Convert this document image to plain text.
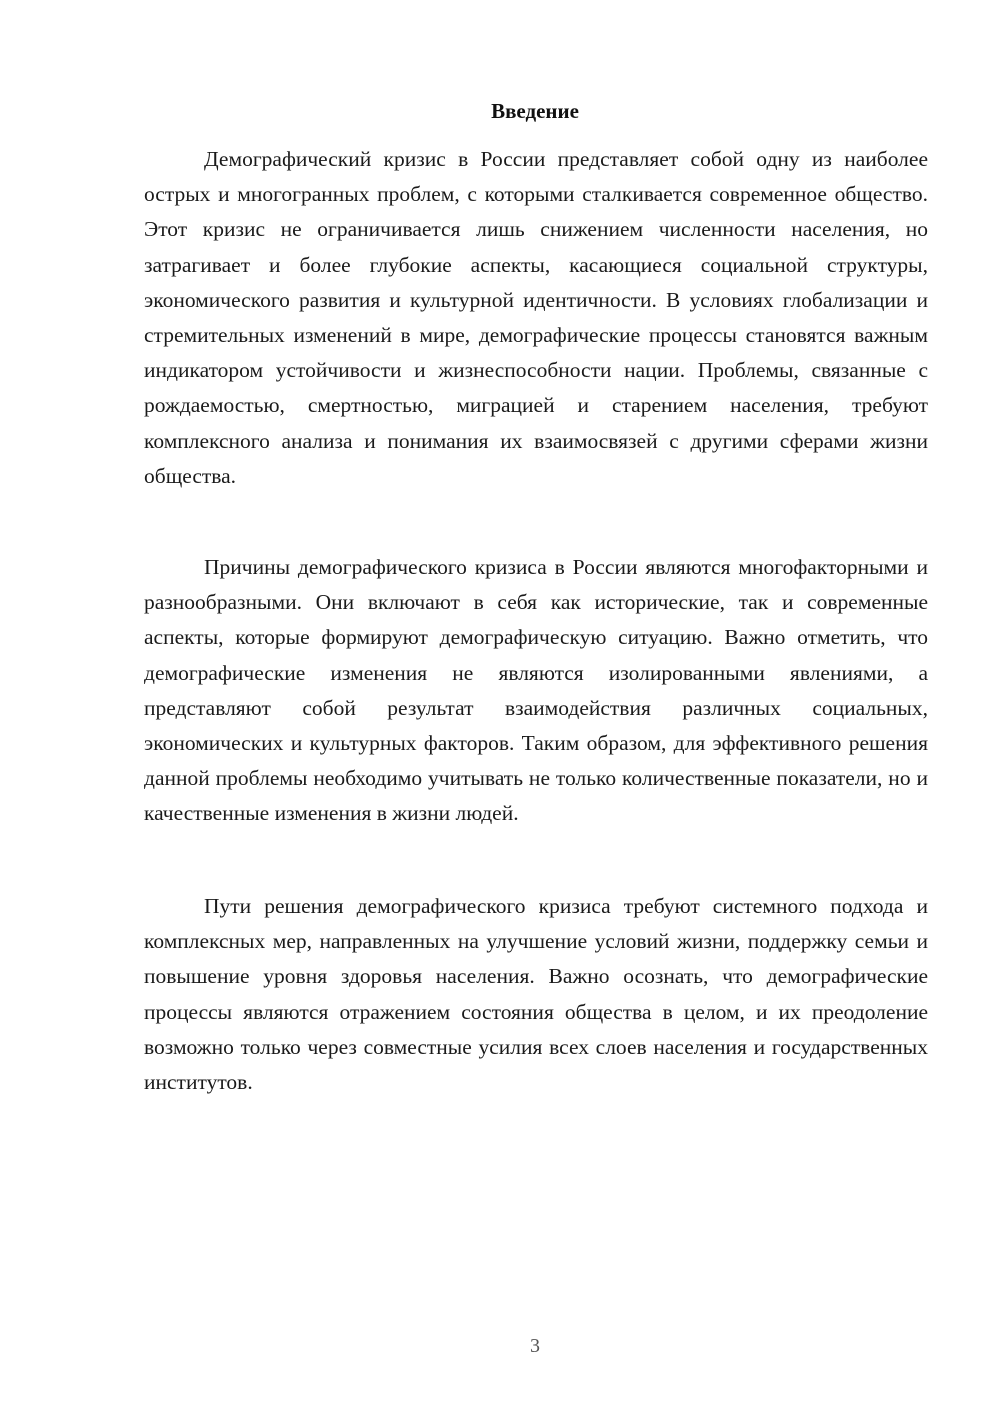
Введение

Демографический кризис в России представляет собой одну из наиболее острых и многогранных проблем, с которыми сталкивается современное общество. Этот кризис не ограничивается лишь снижением численности населения, но затрагивает и более глубокие аспекты, касающиеся социальной структуры, экономического развития и культурной идентичности. В условиях глобализации и стремительных изменений в мире, демографические процессы становятся важным индикатором устойчивости и жизнеспособности нации. Проблемы, связанные с рождаемостью, смертностью, миграцией и старением населения, требуют комплексного анализа и понимания их взаимосвязей с другими сферами жизни общества.

Причины демографического кризиса в России являются многофакторными и разнообразными. Они включают в себя как исторические, так и современные аспекты, которые формируют демографическую ситуацию. Важно отметить, что демографические изменения не являются изолированными явлениями, а представляют собой результат взаимодействия различных социальных, экономических и культурных факторов. Таким образом, для эффективного решения данной проблемы необходимо учитывать не только количественные показатели, но и качественные изменения в жизни людей.

Пути решения демографического кризиса требуют системного подхода и комплексных мер, направленных на улучшение условий жизни, поддержку семьи и повышение уровня здоровья населения. Важно осознать, что демографические процессы являются отражением состояния общества в целом, и их преодоление возможно только через совместные усилия всех слоев населения и государственных институтов.

3
